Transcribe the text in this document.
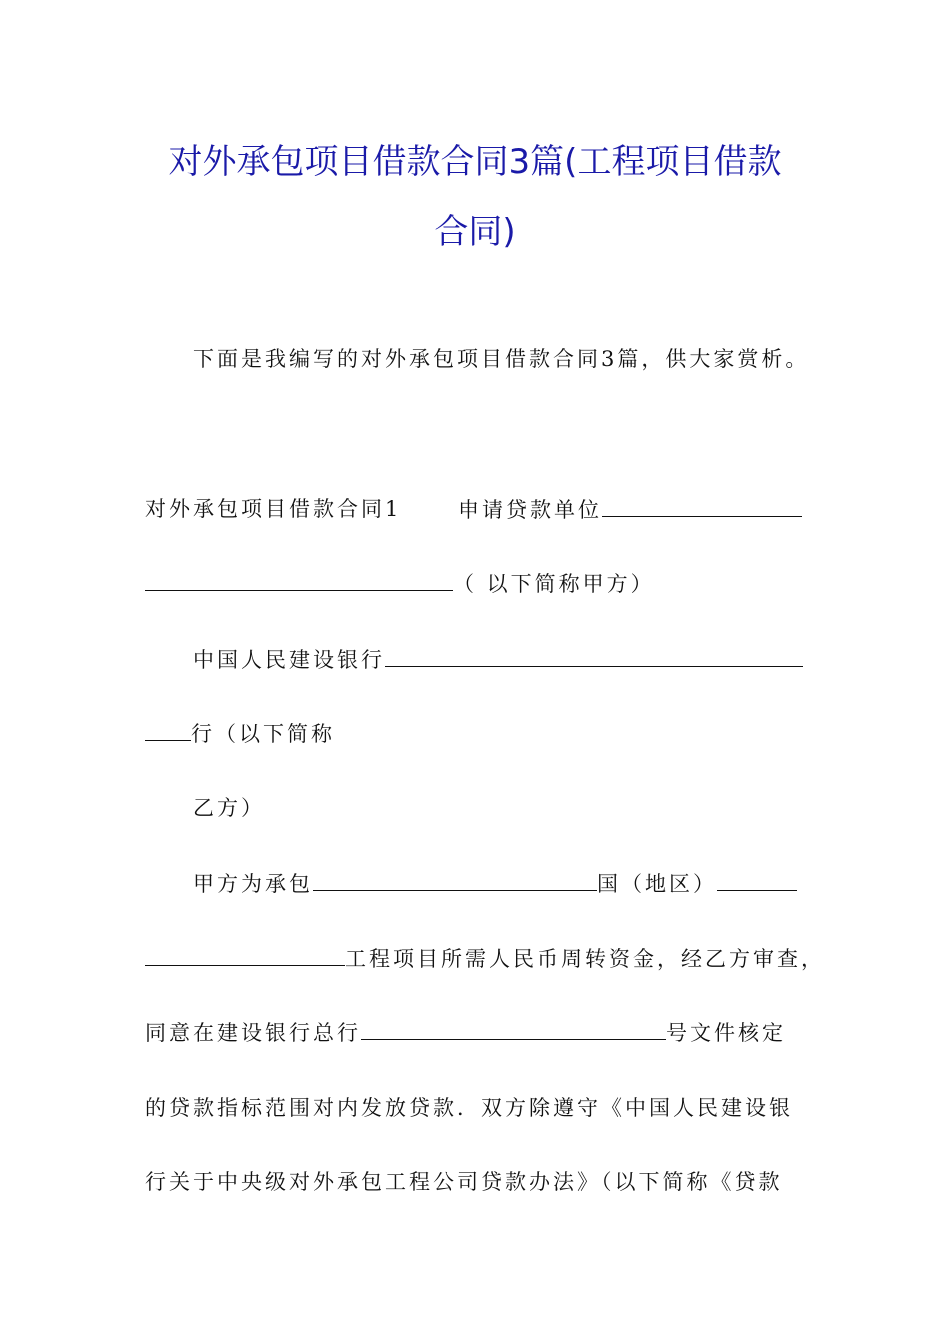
对外承包项目借款合同3篇(工程项目借款
合同)
下面是我编写的对外承包项目借款合同3篇，供大家赏析。
对外承包项目借款合同1	申请贷款单位
（ 以下简称甲方）
中国人民建设银行
行（以下简称
乙方）
甲方为承包	国（地区）
工程项目所需人民币周转资金，经乙方审查，
同意在建设银行总行	号文件核定
的贷款指标范围对内发放贷款．双方除遵守《中国人民建设银
行关于中央级对外承包工程公司贷款办法》（以下简称《贷款
